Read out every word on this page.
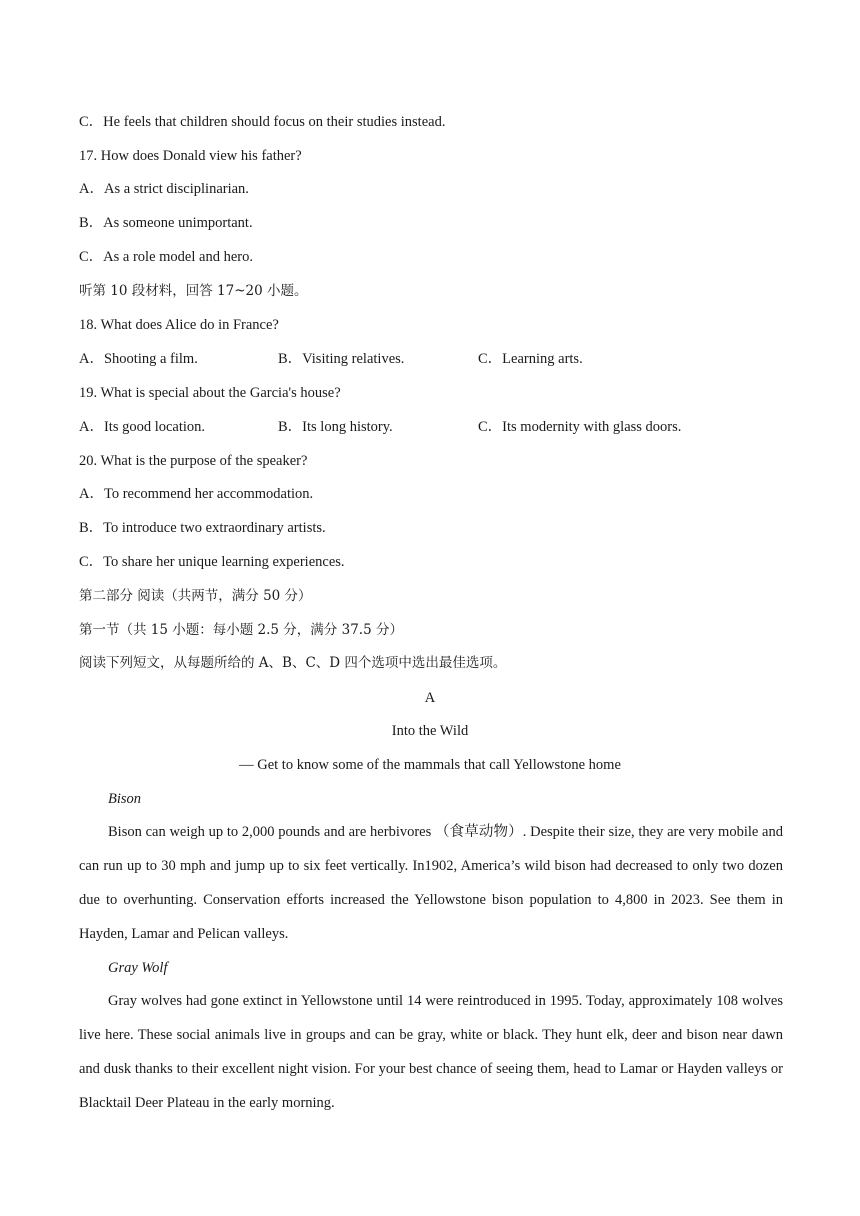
C．He feels that children should focus on their studies instead.
17. How does Donald view his father?
A．As a strict disciplinarian.
B．As someone unimportant.
C．As a role model and hero.
听第 10 段材料，回答 17~20 小题。
18. What does Alice do in France?
A．Shooting a film.	B．Visiting relatives.	C．Learning arts.
19. What is special about the Garcia's house?
A．Its good location.	B．Its long history.	C．Its modernity with glass doors.
20. What is the purpose of the speaker?
A．To recommend her accommodation.
B．To introduce two extraordinary artists.
C．To share her unique learning experiences.
第二部分 阅读（共两节，满分 50 分）
第一节（共 15 小题：每小题 2.5 分，满分 37.5 分）
阅读下列短文，从每题所给的 A、B、C、D 四个选项中选出最佳选项。
A
Into the Wild
— Get to know some of the mammals that call Yellowstone home
Bison
Bison can weigh up to 2,000 pounds and are herbivores （食草动物）. Despite their size, they are very mobile and can run up to 30 mph and jump up to six feet vertically. In1902, America’s wild bison had decreased to only two dozen due to overhunting. Conservation efforts increased the Yellowstone bison population to 4,800 in 2023. See them in Hayden, Lamar and Pelican valleys.
Gray Wolf
Gray wolves had gone extinct in Yellowstone until 14 were reintroduced in 1995. Today, approximately 108 wolves live here. These social animals live in groups and can be gray, white or black. They hunt elk, deer and bison near dawn and dusk thanks to their excellent night vision. For your best chance of seeing them, head to Lamar or Hayden valleys or Blacktail Deer Plateau in the early morning.
